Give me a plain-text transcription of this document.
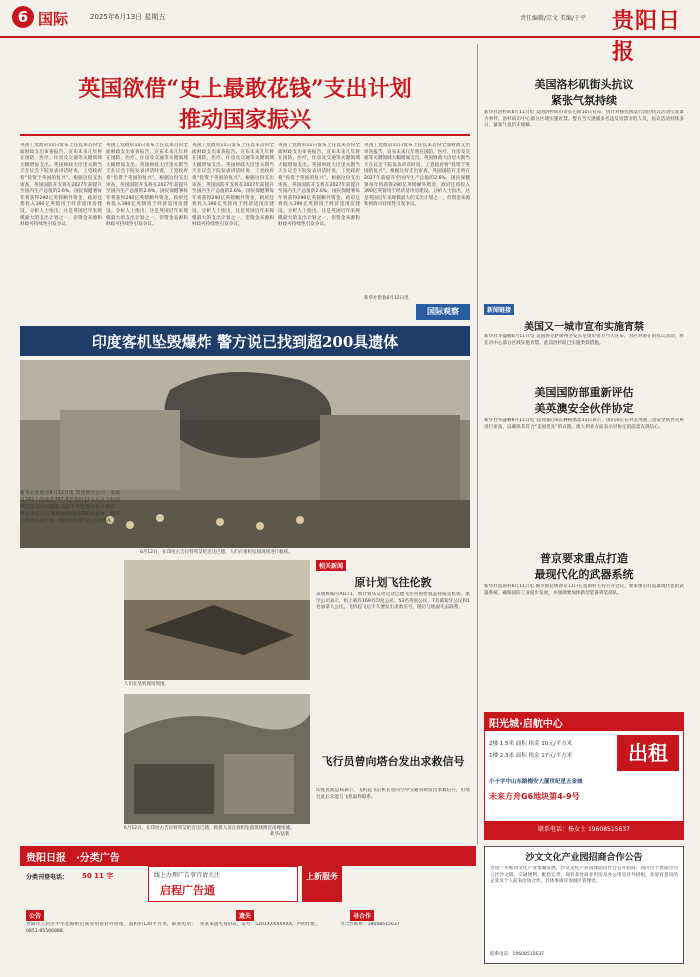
6 国际	2025年6月13日 星期五	责任编辑/宗文 美编/于平 贵阳日报
英国欲借“史上最敢花钱”支出计划
推动国家振兴
英国工党政府11日发布上任以来首份全面财政支出审查报告，宣布未来几年将在国防、医疗、住房及交通等关键领域大幅增加支出。英国财政大臣里夫斯当天在议会下院发表讲话时说，工党政府将“投资于英国的复兴”。根据这份支出审查，英国国防开支将在2027年前提升至国内生产总值的2.6%，国民保健署每年将获得290亿英镑额外资金，政府还将投入390亿英镑用于经济适用房建设。分析人士指出，这是英国近年来规模最大的支出计划之一，但资金来源和财政可持续性引发争议。
英国工党政府11日发布上任以来首份全面财政支出审查报告，宣布未来几年将在国防、医疗、住房及交通等关键领域大幅增加支出。英国财政大臣里夫斯当天在议会下院发表讲话时说，工党政府将“投资于英国的复兴”。根据这份支出审查，英国国防开支将在2027年前提升至国内生产总值的2.6%，国民保健署每年将获得290亿英镑额外资金，政府还将投入390亿英镑用于经济适用房建设。分析人士指出，这是英国近年来规模最大的支出计划之一，但资金来源和财政可持续性引发争议。
英国工党政府11日发布上任以来首份全面财政支出审查报告，宣布未来几年将在国防、医疗、住房及交通等关键领域大幅增加支出。英国财政大臣里夫斯当天在议会下院发表讲话时说，工党政府将“投资于英国的复兴”。根据这份支出审查，英国国防开支将在2027年前提升至国内生产总值的2.6%，国民保健署每年将获得290亿英镑额外资金，政府还将投入390亿英镑用于经济适用房建设。分析人士指出，这是英国近年来规模最大的支出计划之一，但资金来源和财政可持续性引发争议。
英国工党政府11日发布上任以来首份全面财政支出审查报告，宣布未来几年将在国防、医疗、住房及交通等关键领域大幅增加支出。英国财政大臣里夫斯当天在议会下院发表讲话时说，工党政府将“投资于英国的复兴”。根据这份支出审查，英国国防开支将在2027年前提升至国内生产总值的2.6%，国民保健署每年将获得290亿英镑额外资金，政府还将投入390亿英镑用于经济适用房建设。分析人士指出，这是英国近年来规模最大的支出计划之一，但资金来源和财政可持续性引发争议。
英国工党政府11日发布上任以来首份全面财政支出审查报告，宣布未来几年将在国防、医疗、住房及交通等关键领域大幅增加支出。英国财政大臣里夫斯当天在议会下院发表讲话时说，工党政府将“投资于英国的复兴”。根据这份支出审查，英国国防开支将在2027年前提升至国内生产总值的2.6%，国民保健署每年将获得290亿英镑额外资金，政府还将投入390亿英镑用于经济适用房建设。分析人士指出，这是英国近年来规模最大的支出计划之一，但资金来源和财政可持续性引发争议。
新华社伦敦6月12日电
国际观察
印度客机坠毁爆炸 警方说已找到超200具遗体
6月12日，在印度古吉拉特邦艾哈迈达巴德，人们在客机坠毁现场进行救援。
新华社新德里6月12日电 印度航空公司一架载有242人的波音787-8型客机12日在古吉拉特邦艾哈迈达巴德起飞后不久坠毁并起火爆炸。警方表示已在现场找到超过200具遗体，救援工作仍在进行中。印度民航部门已启动调查。
人们在坠机现场周围。
6月12日，在印度古吉拉特邦艾哈迈达巴德，救援人员在客机坠毁现场附近清理废墟。
新华/法新
相关新闻
原计划飞往伦敦
该航班编号AI171，原计划从艾哈迈达巴德飞往英国伦敦盖特威克机场。航空公司表示，机上载有169名印度公民、53名英国公民、7名葡萄牙公民和1名加拿大公民。飞机起飞后不久便发出求救信号，随后与地面失去联系。
飞行员曾向塔台发出求救信号
印度民航总局表示，飞机起飞后机长曾向空中交通管制发出求救信号，但塔台此后未能与飞机取得联系。
美国洛杉矶街头抗议
紧张气氛持续
新华社洛杉矶6月11日电 美国洛杉矶市市长巴斯10日宣布，因针对移民执法行动的抗议活动引发暴力事件，洛杉矶市中心部分区域实施宵禁。警方当天逮捕多名违反宵禁令的人员，抗议活动持续多日，紧张气氛仍未缓解。
新闻链接
美国又一城市宣布实施宵禁
新华社华盛顿6月11日电 美国得克萨斯州圣安东尼奥市警方当天宣布，为应对潜在的抗议活动，将在市中心部分区域实施宵禁。此前洛杉矶已实施类似措施。
美国国防部重新评估
美英澳安全伙伴协定
新华社华盛顿6月11日电 美国国防部长赫格塞思11日表示，国防部正在对美英澳三边安全伙伴关系进行审查，以确保其符合“美国优先”的议程。澳大利亚方面表示对协定的前景充满信心。
普京要求重点打造
最现代化的武器系统
新华社莫斯科6月11日电 俄罗斯总统普京11日在莫斯科主持召开会议，要求重点打造最现代化的武器系统，确保国防工业稳步发展，并强调要加快新型装备列装部队。
阳光城·启航中心
出租
2楼 1.5米 面积 租金 10元/平方米
1楼 2.3米 面积 租金 17元/平方米
小十字中山东路梅安大厦世纪星五金城
未来方舟G6地块第4-9号
联系电话：杨女士 19608515637
贵阳日报 ·分类广告
分类刊登电话： 50 11 字	线上办理广告事宜请关注
启程广告通
上新服务
公告
贵阳市云岩区中华北路附近商业用房对外招租，面积约120平方米，联系电话：0851-85566888。
遗失
张某某遗失身份证，证号：5201XXXXXXXX，声明作废。
寻合作
寻合作联系：19608515637
沙文文化产业园招商合作公告
为进一步推动文化产业集聚发展，沙文文化产业园现面向社会公开招商。园区位于贵阳市白云区沙文镇，交通便利，配套完善，现有多处商业用房及办公用房对外招租，欢迎有意向的企业及个人前来洽谈合作。具体事项详询园区管理处。
联系电话：19608515637
